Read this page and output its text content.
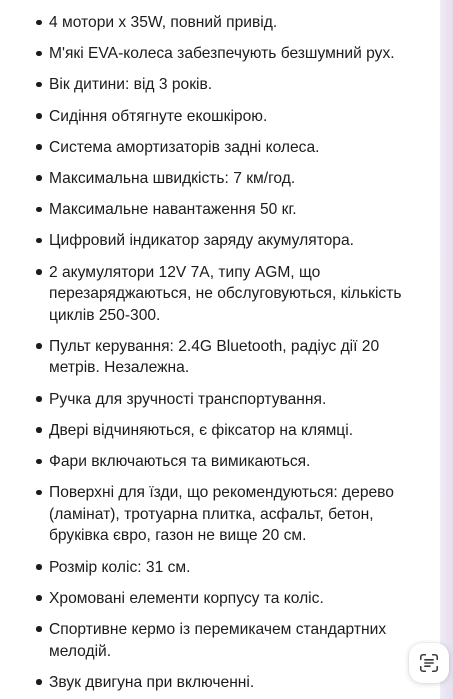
4 мотори х 35W, повний привід.
М'які EVA-колеса забезпечують безшумний рух.
Вік дитини: від 3 років.
Сидіння обтягнуте екошкірою.
Система амортизаторів задні колеса.
Максимальна швидкість: 7 км/год.
Максимальне навантаження 50 кг.
Цифровий індикатор заряду акумулятора.
2 акумулятори 12V 7А, типу AGM, що перезаряджаються, не обслуговуються, кількість циклів 250-300.
Пульт керування: 2.4G Bluetooth, радіус дії 20 метрів. Незалежна.
Ручка для зручності транспортування.
Двері відчиняються, є фіксатор на клямці.
Фари включаються та вимикаються.
Поверхні для їзди, що рекомендуються: дерево (ламінат), тротуарна плитка, асфальт, бетон, бруківка євро, газон не вище 20 см.
Розмір коліс: 31 см.
Хромовані елементи корпусу та коліс.
Спортивне кермо із перемикачем стандартних мелодій.
Звук двигуна при включенні.
